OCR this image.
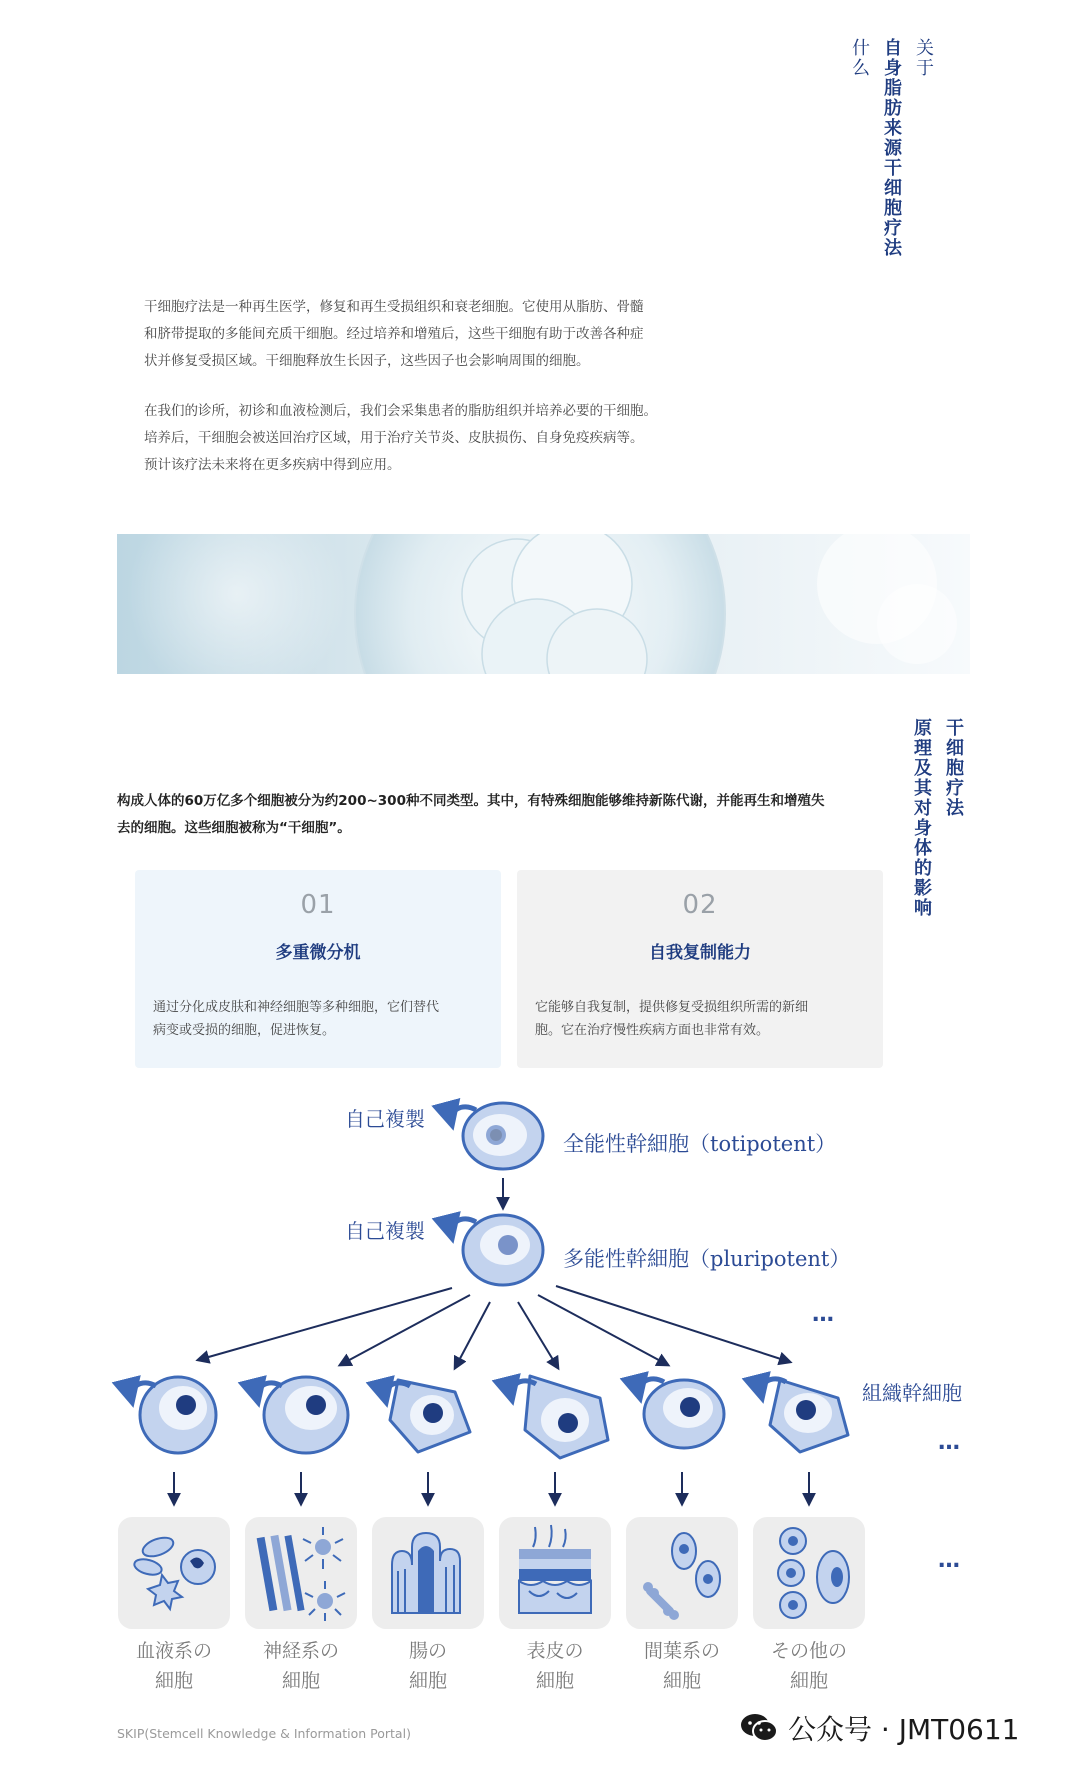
关于
自身脂肪来源干细胞疗法
什么

干细胞疗法是一种再生医学，修复和再生受损组织和衰老细胞。它使用从脂肪、骨髓
和脐带提取的多能间充质干细胞。经过培养和增殖后，这些干细胞有助于改善各种症
状并修复受损区域。干细胞释放生长因子，这些因子也会影响周围的细胞。

在我们的诊所，初诊和血液检测后，我们会采集患者的脂肪组织并培养必要的干细胞。
培养后，干细胞会被送回治疗区域，用于治疗关节炎、皮肤损伤、自身免疫疾病等。
预计该疗法未来将在更多疾病中得到应用。

干细胞疗法
原理及其对身体的影响

构成人体的60万亿多个细胞被分为约200~300种不同类型。其中，有特殊细胞能够维持新陈代谢，并能再生和增殖失
去的细胞。这些细胞被称为“干细胞”。

01
多重微分机

通过分化成皮肤和神经细胞等多种细胞，它们替代
病变或受损的细胞，促进恢复。

02
自我复制能力

它能够自我复制，提供修复受损组织所需的新细
胞。它在治疗慢性疾病方面也非常有效。

自己複製
全能性幹細胞（totipotent）
自己複製
多能性幹細胞（pluripotent）
…
組織幹細胞
…
…
血液系の
細胞
神経系の
細胞
腸の
細胞
表皮の
細胞
間葉系の
細胞
その他の
細胞
SKIP(Stemcell Knowledge & Information Portal)	公众号 · JMT0611
